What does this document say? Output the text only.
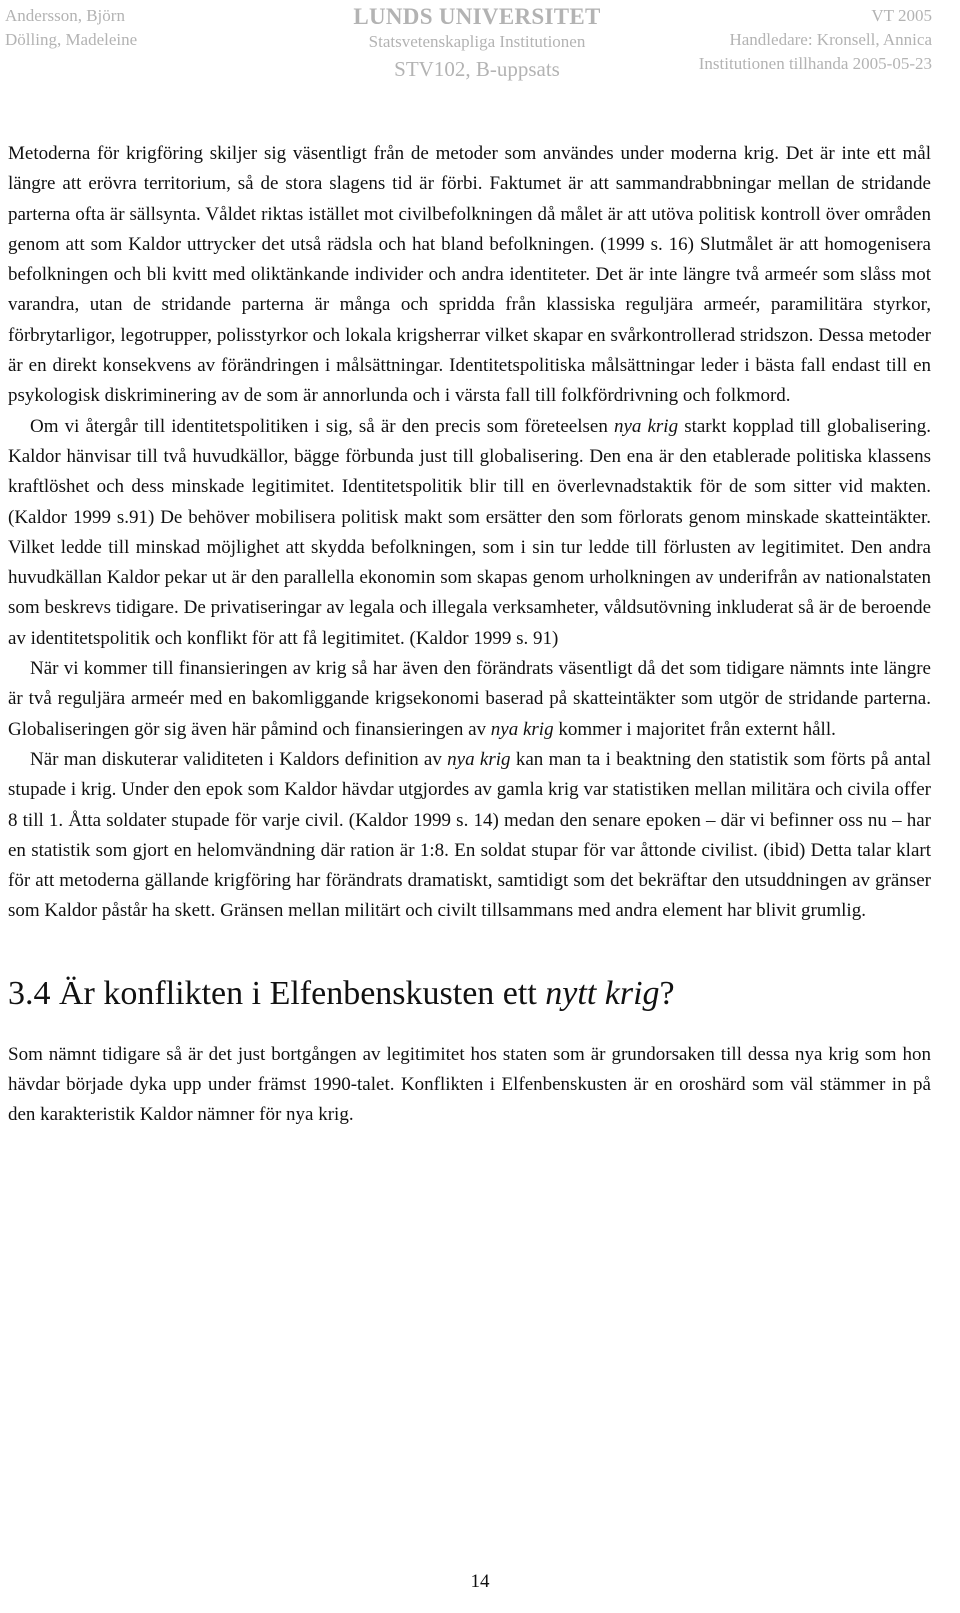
Andersson, Björn
Dölling, Madeleine
LUNDS UNIVERSITET
Statsvetenskapliga Institutionen
STV102, B-uppsats
VT 2005
Handledare: Kronsell, Annica
Institutionen tillhanda 2005-05-23

Metoderna för krigföring skiljer sig väsentligt från de metoder som användes under moderna krig. Det är inte ett mål längre att erövra territorium, så de stora slagens tid är förbi. Faktumet är att sammandrabbningar mellan de stridande parterna ofta är sällsynta. Våldet riktas istället mot civilbefolkningen då målet är att utöva politisk kontroll över områden genom att som Kaldor uttrycker det utså rädsla och hat bland befolkningen. (1999 s. 16) Slutmålet är att homogenisera befolkningen och bli kvitt med oliktänkande individer och andra identiteter. Det är inte längre två armeér som slåss mot varandra, utan de stridande parterna är många och spridda från klassiska reguljära armeér, paramilitära styrkor, förbrytarligor, legotrupper, polisstyrkor och lokala krigsherrar vilket skapar en svårkontrollerad stridszon. Dessa metoder är en direkt konsekvens av förändringen i målsättningar. Identitetspolitiska målsättningar leder i bästa fall endast till en psykologisk diskriminering av de som är annorlunda och i värsta fall till folkfördrivning och folkmord.

Om vi återgår till identitetspolitiken i sig, så är den precis som företeelsen nya krig starkt kopplad till globalisering. Kaldor hänvisar till två huvudkällor, bägge förbunda just till globalisering. Den ena är den etablerade politiska klassens kraftlöshet och dess minskade legitimitet. Identitetspolitik blir till en överlevnadstaktik för de som sitter vid makten. (Kaldor 1999 s.91) De behöver mobilisera politisk makt som ersätter den som förlorats genom minskade skatteintäkter. Vilket ledde till minskad möjlighet att skydda befolkningen, som i sin tur ledde till förlusten av legitimitet. Den andra huvudkällan Kaldor pekar ut är den parallella ekonomin som skapas genom urholkningen av underifrån av nationalstaten som beskrevs tidigare. De privatiseringar av legala och illegala verksamheter, våldsutövning inkluderat så är de beroende av identitetspolitik och konflikt för att få legitimitet. (Kaldor 1999 s. 91)

När vi kommer till finansieringen av krig så har även den förändrats väsentligt då det som tidigare nämnts inte längre är två reguljära armeér med en bakomliggande krigsekonomi baserad på skatteintäkter som utgör de stridande parterna. Globaliseringen gör sig även här påmind och finansieringen av nya krig kommer i majoritet från externt håll.

När man diskuterar validiteten i Kaldors definition av nya krig kan man ta i beaktning den statistik som förts på antal stupade i krig. Under den epok som Kaldor hävdar utgjordes av gamla krig var statistiken mellan militära och civila offer 8 till 1. Åtta soldater stupade för varje civil. (Kaldor 1999 s. 14) medan den senare epoken – där vi befinner oss nu – har en statistik som gjort en helomvändning där ration är 1:8. En soldat stupar för var åttonde civilist. (ibid) Detta talar klart för att metoderna gällande krigföring har förändrats dramatiskt, samtidigt som det bekräftar den utsuddningen av gränser som Kaldor påstår ha skett. Gränsen mellan militärt och civilt tillsammans med andra element har blivit grumlig.

3.4 Är konflikten i Elfenbenskusten ett nytt krig?

Som nämnt tidigare så är det just bortgången av legitimitet hos staten som är grundorsaken till dessa nya krig som hon hävdar började dyka upp under främst 1990-talet. Konflikten i Elfenbenskusten är en oroshärd som väl stämmer in på den karakteristik Kaldor nämner för nya krig.

14
